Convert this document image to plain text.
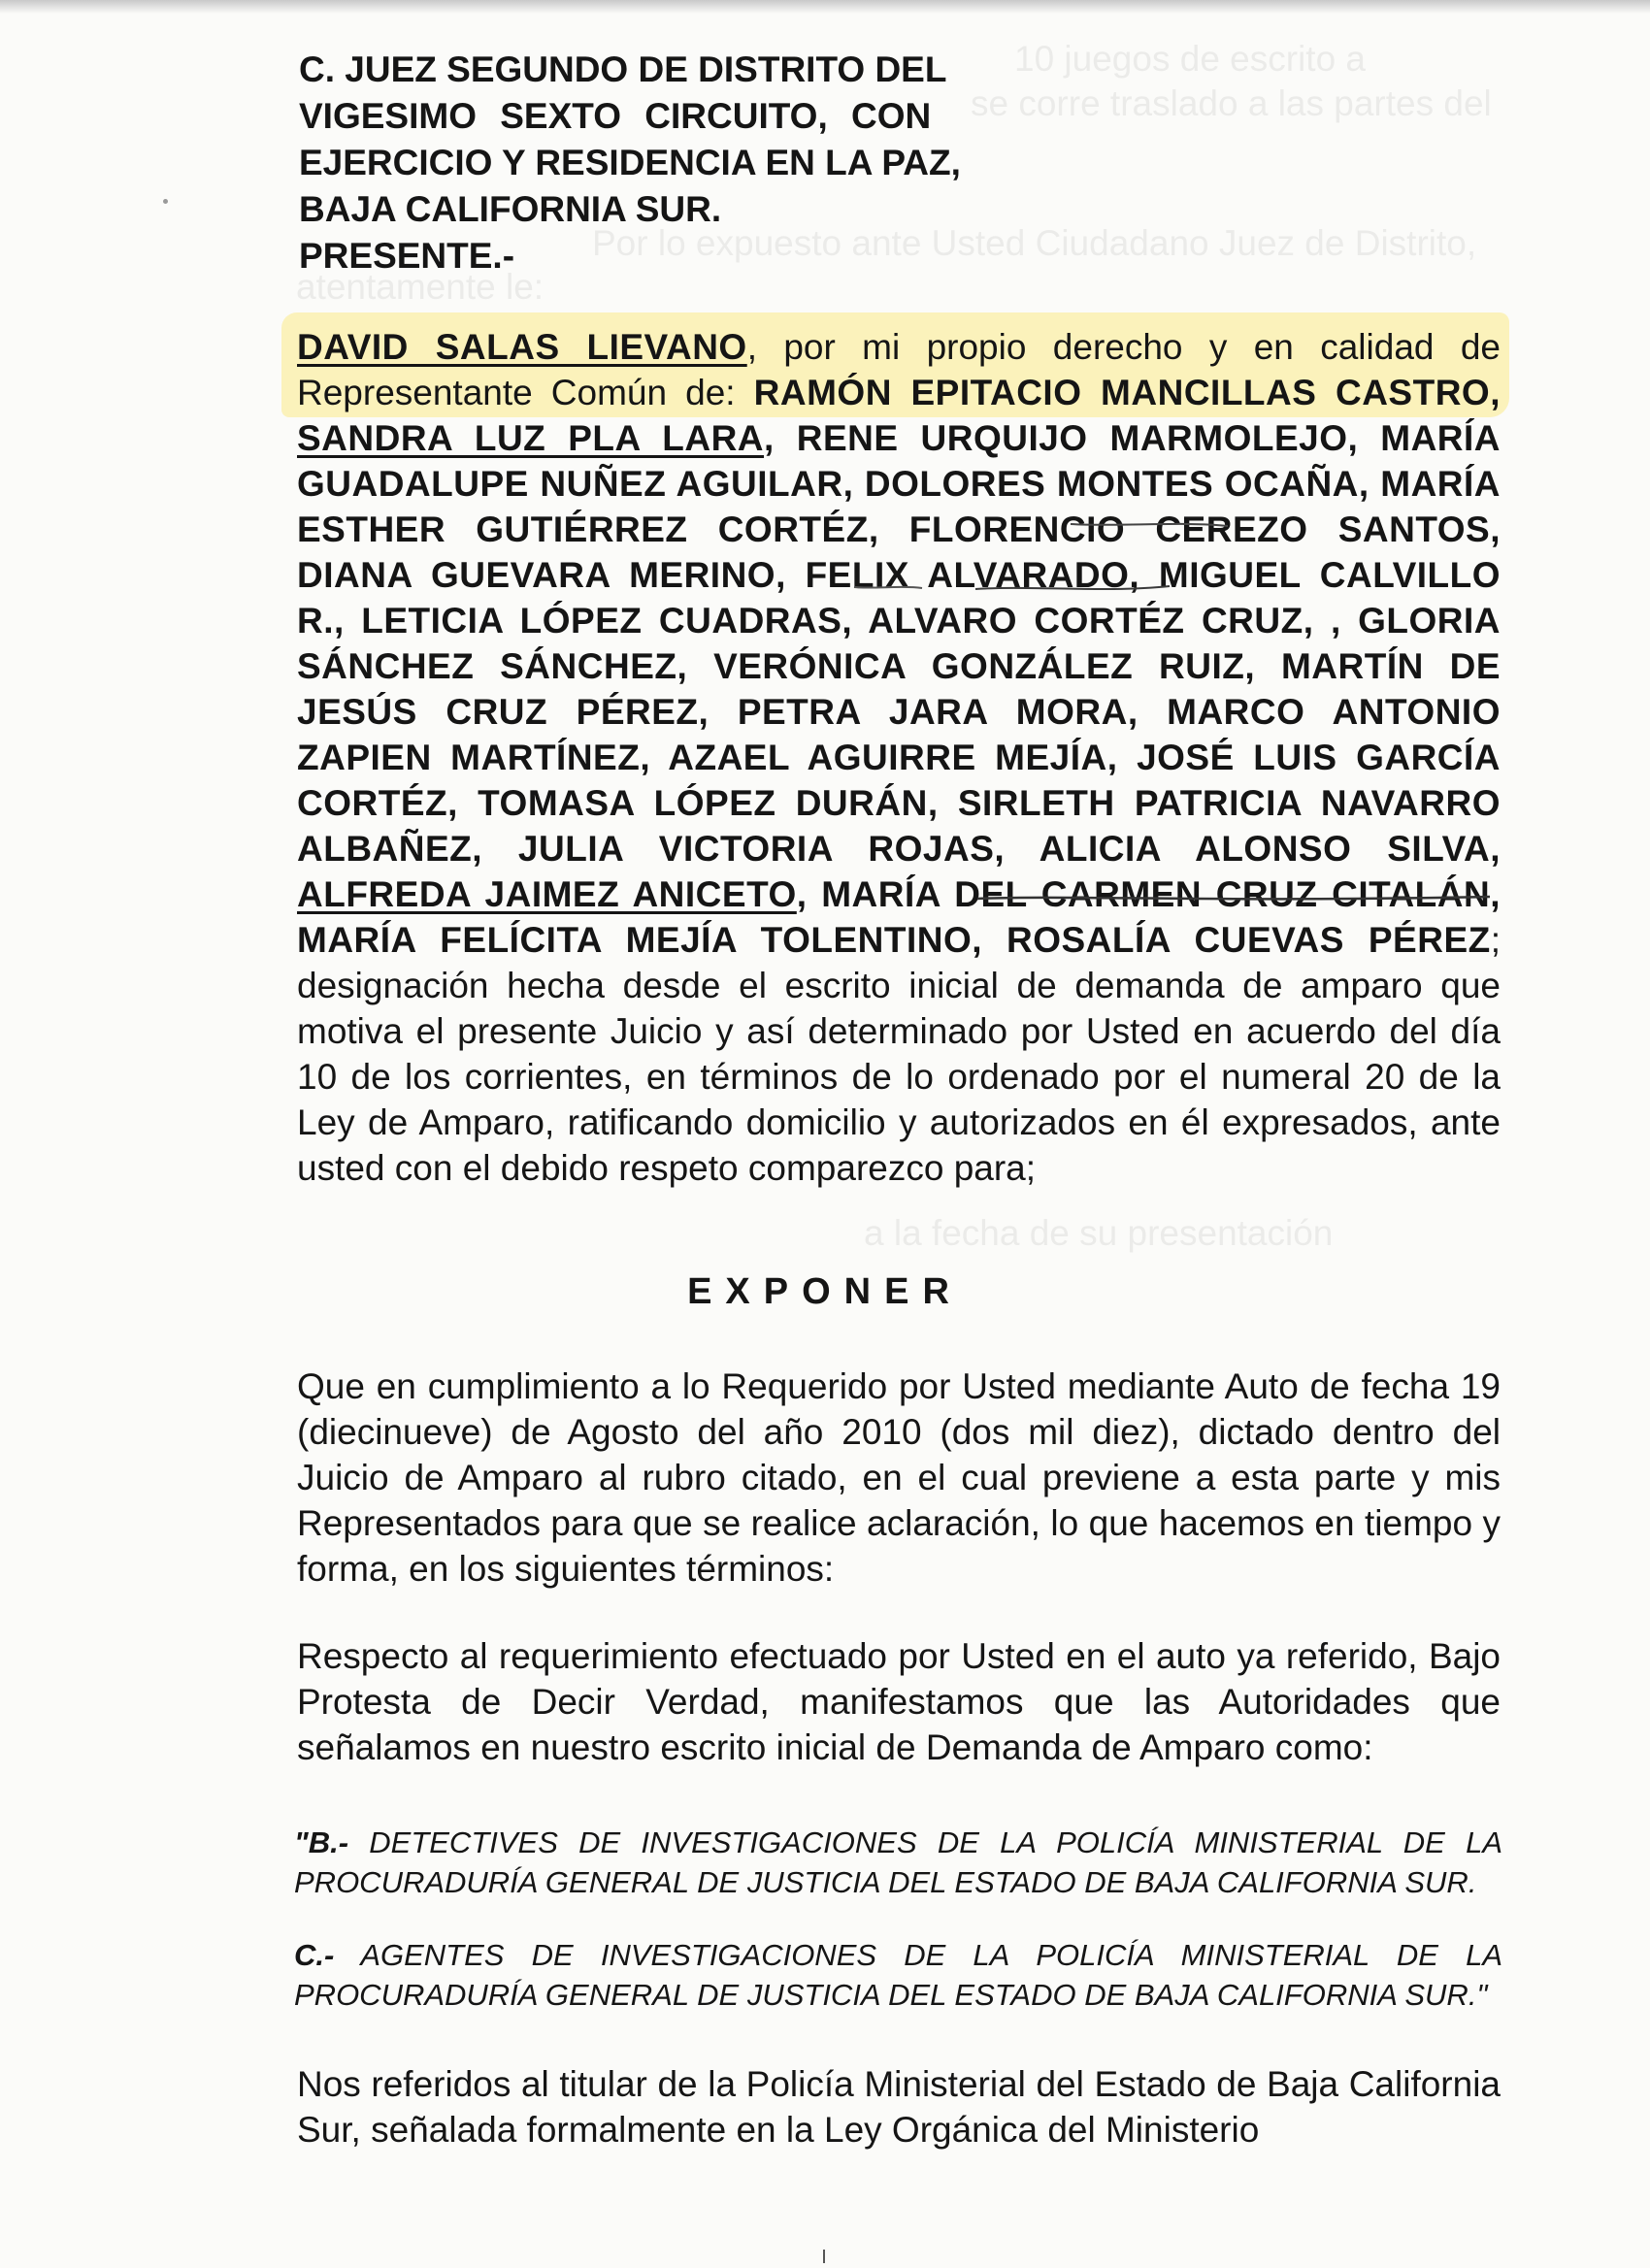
10 juegos de escrito a
se corre traslado a las partes del
Por lo expuesto ante Usted Ciudadano Juez de Distrito,
atentamente le:
a la fecha de su presentación
C. JUEZ SEGUNDO DE DISTRITO DEL
VIGESIMO SEXTO CIRCUITO, CON
EJERCICIO Y RESIDENCIA EN LA PAZ,
BAJA CALIFORNIA SUR.
PRESENTE.-
DAVID SALAS LIEVANO, por mi propio derecho y en calidad de Representante Común de: RAMÓN EPITACIO MANCILLAS CASTRO, SANDRA LUZ PLA LARA, RENE URQUIJO MARMOLEJO, MARÍA GUADALUPE NUÑEZ AGUILAR, DOLORES MONTES OCAÑA, MARÍA ESTHER GUTIÉRREZ CORTÉZ, FLORENCIO CEREZO SANTOS, DIANA GUEVARA MERINO, FELIX ALVARADO, MIGUEL CALVILLO R., LETICIA LÓPEZ CUADRAS, ALVARO CORTÉZ CRUZ, , GLORIA SÁNCHEZ SÁNCHEZ, VERÓNICA GONZÁLEZ RUIZ, MARTÍN DE JESÚS CRUZ PÉREZ, PETRA JARA MORA, MARCO ANTONIO ZAPIEN MARTÍNEZ, AZAEL AGUIRRE MEJÍA, JOSÉ LUIS GARCÍA CORTÉZ, TOMASA LÓPEZ DURÁN, SIRLETH PATRICIA NAVARRO ALBAÑEZ, JULIA VICTORIA ROJAS, ALICIA ALONSO SILVA, ALFREDA JAIMEZ ANICETO, MARÍA DEL CARMEN CRUZ CITALÁN, MARÍA FELÍCITA MEJÍA TOLENTINO, ROSALÍA CUEVAS PÉREZ; designación hecha desde el escrito inicial de demanda de amparo que motiva el presente Juicio y así determinado por Usted en acuerdo del día 10 de los corrientes, en términos de lo ordenado por el numeral 20 de la Ley de Amparo, ratificando domicilio y autorizados en él expresados, ante usted con el debido respeto comparezco para;
EXPONER
Que en cumplimiento a lo Requerido por Usted mediante Auto de fecha 19 (diecinueve) de Agosto del año 2010 (dos mil diez), dictado dentro del Juicio de Amparo al rubro citado, en el cual previene a esta parte y mis Representados para que se realice aclaración, lo que hacemos en tiempo y forma, en los siguientes términos:
Respecto al requerimiento efectuado por Usted en el auto ya referido, Bajo Protesta de Decir Verdad, manifestamos que las Autoridades que señalamos en nuestro escrito inicial de Demanda de Amparo como:
"B.- DETECTIVES DE INVESTIGACIONES DE LA POLICÍA MINISTERIAL DE LA PROCURADURÍA GENERAL DE JUSTICIA DEL ESTADO DE BAJA CALIFORNIA SUR.
C.- AGENTES DE INVESTIGACIONES DE LA POLICÍA MINISTERIAL DE LA PROCURADURÍA GENERAL DE JUSTICIA DEL ESTADO DE BAJA CALIFORNIA SUR."
Nos referidos al titular de la Policía Ministerial del Estado de Baja California Sur, señalada formalmente en la Ley Orgánica del Ministerio
